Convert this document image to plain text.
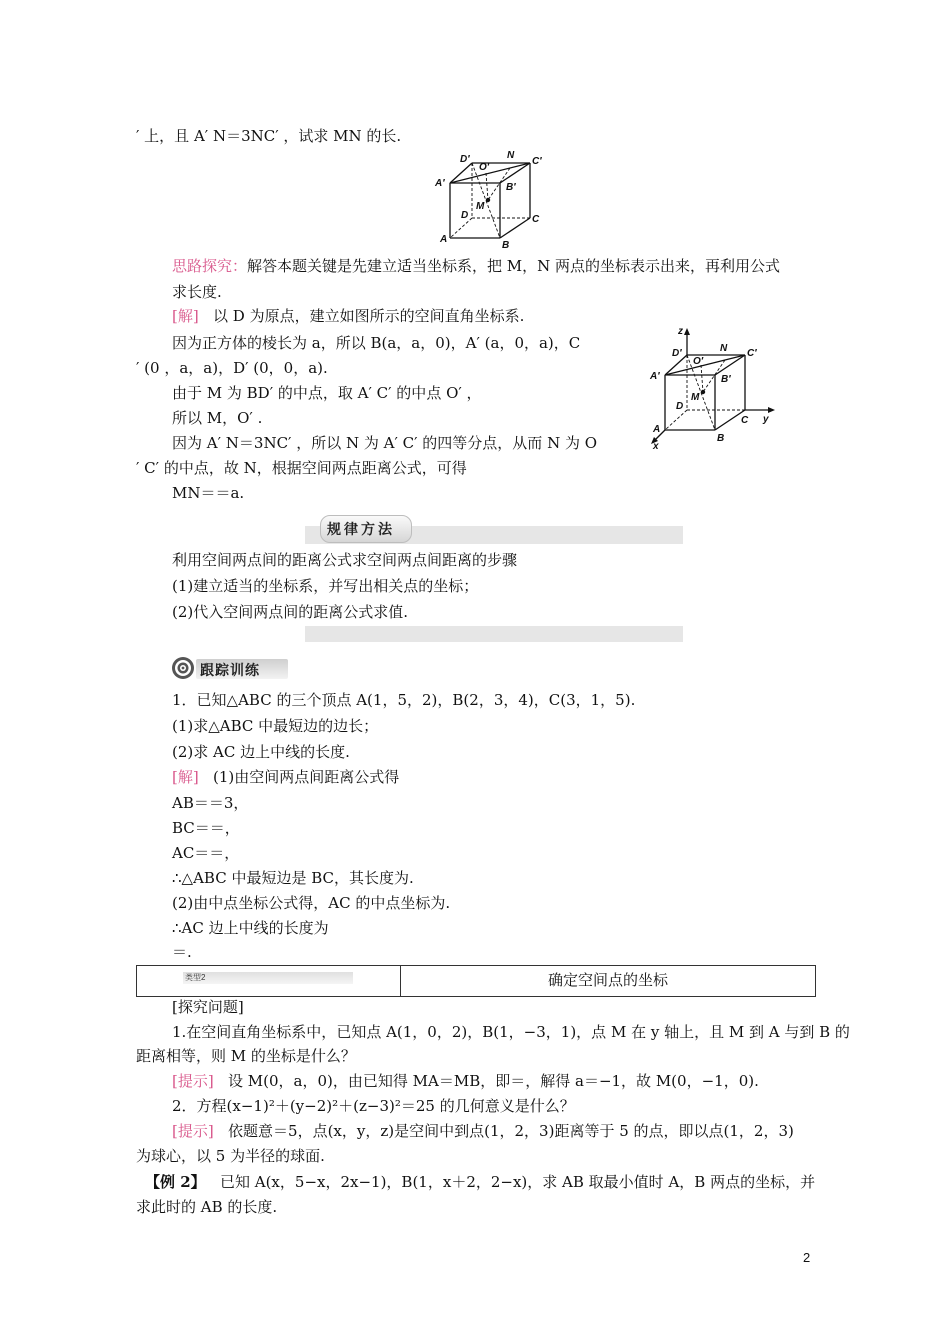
′ 上，且 A′ N＝3NC′ ，试求 MN 的长.
D′
O′
N
C′
A′	B′
M
D	C
A
B
思路探究：解答本题关键是先建立适当坐标系，把 M，N 两点的坐标表示出来，再利用公式
求长度.
[解] 以 D 为原点，建立如图所示的空间直角坐标系.
因为正方体的棱长为 a，所以 B(a，a，0)，A′ (a，0，a)，C
′ (0 ，a，a)，D′ (0，0，a).
由于 M 为 BD′ 的中点，取 A′ C′ 的中点 O′ ，
所以 M，O′ .
因为 A′ N＝3NC′ ，所以 N 为 A′ C′ 的四等分点，从而 N 为 O
′ C′ 的中点，故 N，根据空间两点距离公式，可得
MN＝＝a.
z
D′
O′
N C′
A′	B′
M
D
C y
A
x
B
规律方法
利用空间两点间的距离公式求空间两点间距离的步骤
(1)建立适当的坐标系，并写出相关点的坐标；
(2)代入空间两点间的距离公式求值.
跟踪训练
1．已知△ABC 的三个顶点 A(1，5，2)，B(2，3，4)，C(3，1，5).
(1)求△ABC 中最短边的边长；
(2)求 AC 边上中线的长度.
[解] (1)由空间两点间距离公式得
AB＝＝3，
BC＝＝，
AC＝＝，
∴△ABC 中最短边是 BC，其长度为.
(2)由中点坐标公式得，AC 的中点坐标为.
∴AC 边上中线的长度为
＝.
类型2	确定空间点的坐标
[探究问题]
1.在空间直角坐标系中，已知点 A(1，0，2)，B(1，−3，1)，点 M 在 y 轴上，且 M 到 A 与到 B 的
距离相等，则 M 的坐标是什么？
[提示] 设 M(0，a，0)，由已知得 MA＝MB，即＝，解得 a＝−1，故 M(0，−1，0).
2．方程(x−1)²＋(y−2)²＋(z−3)²＝25 的几何意义是什么？
[提示] 依题意＝5，点(x，y，z)是空间中到点(1，2，3)距离等于 5 的点，即以点(1，2，3)
为球心，以 5 为半径的球面.
【例 2】 已知 A(x，5−x，2x−1)，B(1，x＋2，2−x)，求 AB 取最小值时 A，B 两点的坐标，并
求此时的 AB 的长度.
2
